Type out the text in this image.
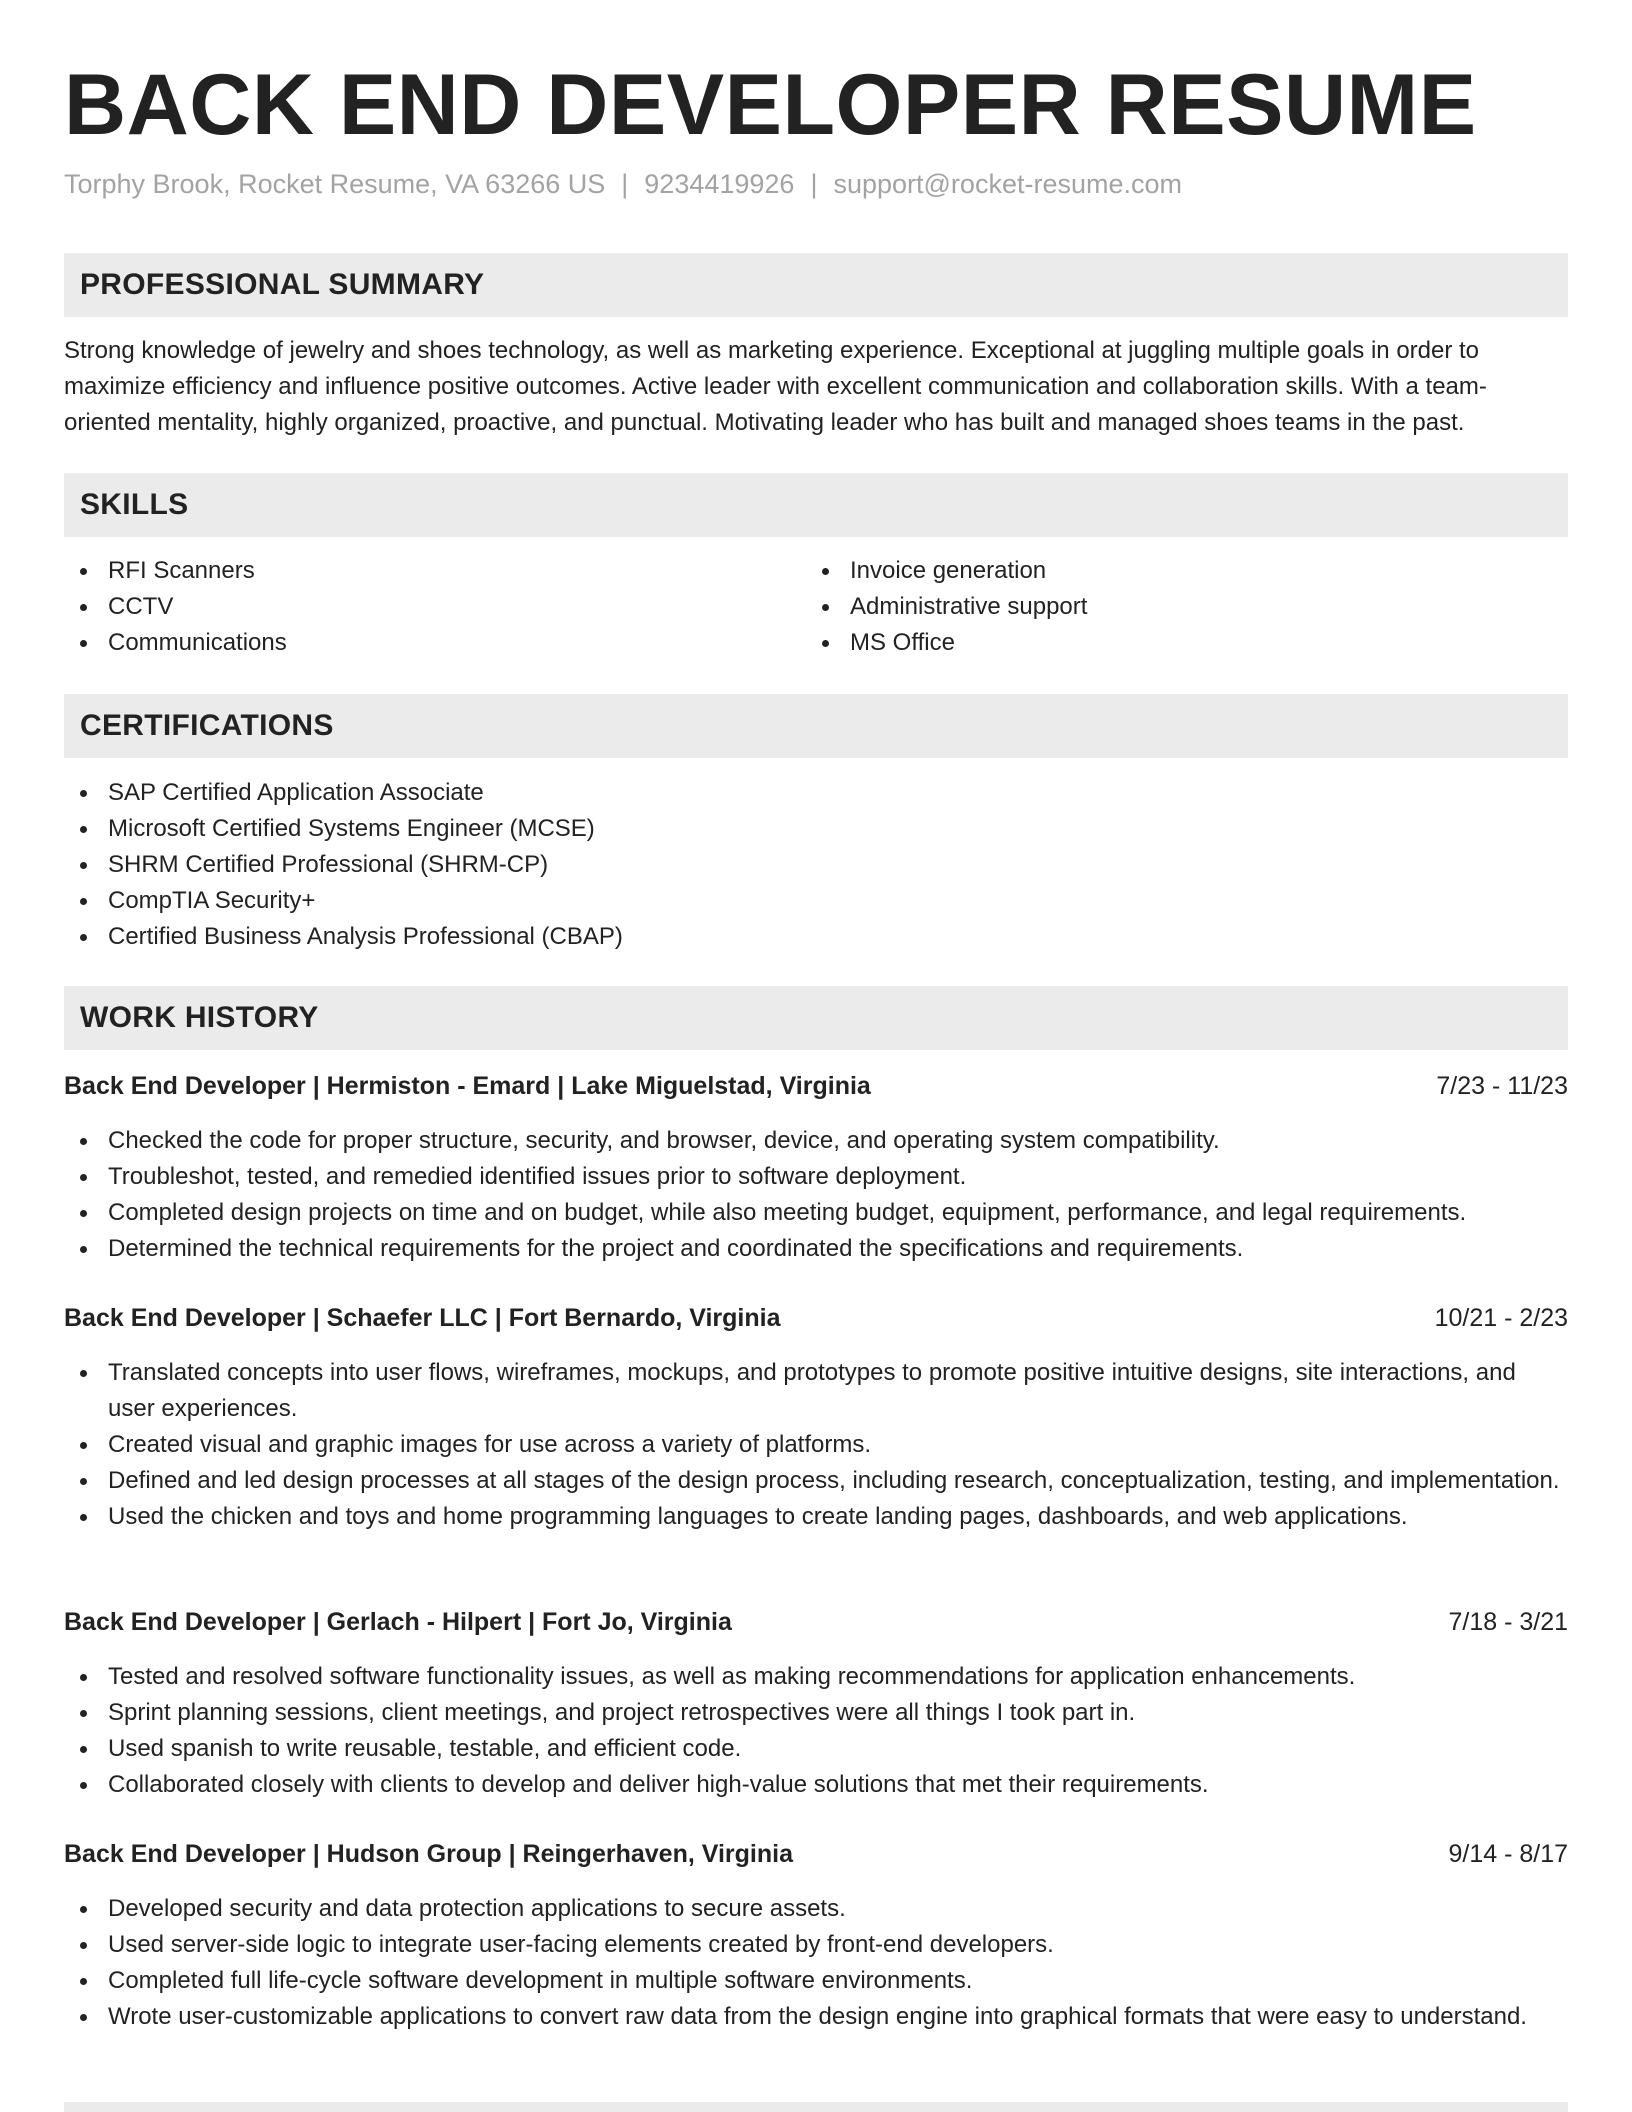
BACK END DEVELOPER RESUME
Torphy Brook, Rocket Resume, VA 63266 US | 9234419926 | support@rocket-resume.com
PROFESSIONAL SUMMARY

Strong knowledge of jewelry and shoes technology, as well as marketing experience. Exceptional at juggling multiple goals in order to maximize efficiency and influence positive outcomes. Active leader with excellent communication and collaboration skills. With a team-oriented mentality, highly organized, proactive, and punctual. Motivating leader who has built and managed shoes teams in the past.

SKILLS
RFI Scanners
CCTV
Communications
Invoice generation
Administrative support
MS Office
CERTIFICATIONS
SAP Certified Application Associate
Microsoft Certified Systems Engineer (MCSE)
SHRM Certified Professional (SHRM-CP)
CompTIA Security+
Certified Business Analysis Professional (CBAP)
WORK HISTORY
Back End Developer | Hermiston - Emard | Lake Miguelstad, Virginia	7/23 - 11/23
Checked the code for proper structure, security, and browser, device, and operating system compatibility.
Troubleshot, tested, and remedied identified issues prior to software deployment.
Completed design projects on time and on budget, while also meeting budget, equipment, performance, and legal requirements.
Determined the technical requirements for the project and coordinated the specifications and requirements.
Back End Developer | Schaefer LLC | Fort Bernardo, Virginia	10/21 - 2/23
Translated concepts into user flows, wireframes, mockups, and prototypes to promote positive intuitive designs, site interactions, and user experiences.
Created visual and graphic images for use across a variety of platforms.
Defined and led design processes at all stages of the design process, including research, conceptualization, testing, and implementation.
Used the chicken and toys and home programming languages to create landing pages, dashboards, and web applications.
Back End Developer | Gerlach - Hilpert | Fort Jo, Virginia	7/18 - 3/21
Tested and resolved software functionality issues, as well as making recommendations for application enhancements.
Sprint planning sessions, client meetings, and project retrospectives were all things I took part in.
Used spanish to write reusable, testable, and efficient code.
Collaborated closely with clients to develop and deliver high-value solutions that met their requirements.
Back End Developer | Hudson Group | Reingerhaven, Virginia	9/14 - 8/17
Developed security and data protection applications to secure assets.
Used server-side logic to integrate user-facing elements created by front-end developers.
Completed full life-cycle software development in multiple software environments.
Wrote user-customizable applications to convert raw data from the design engine into graphical formats that were easy to understand.
